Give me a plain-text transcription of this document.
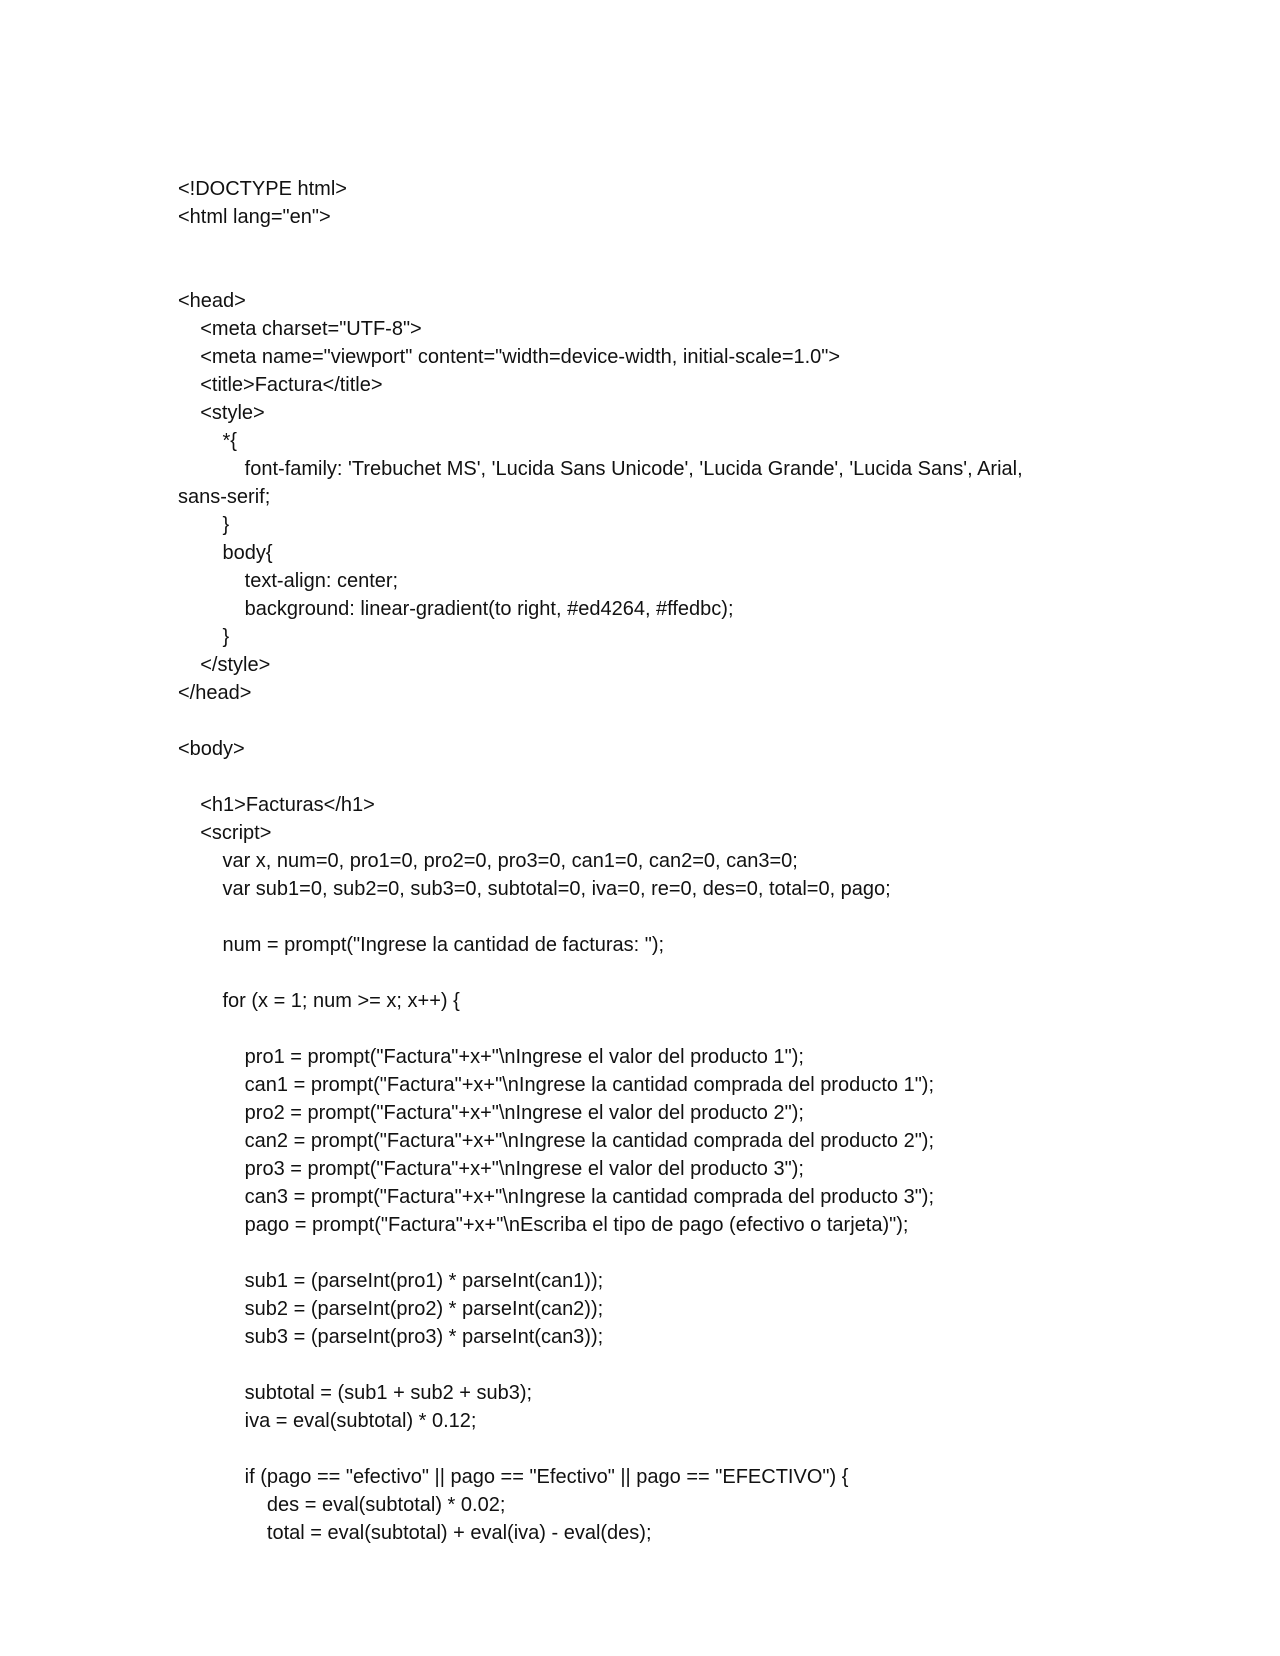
<!DOCTYPE html>
<html lang="en">
<head>
<meta charset="UTF-8">
<meta name="viewport" content="width=device-width, initial-scale=1.0">
<title>Factura</title>
<style>
*{
font-family: 'Trebuchet MS', 'Lucida Sans Unicode', 'Lucida Grande', 'Lucida Sans', Arial,
sans-serif;
}
body{
text-align: center;
background: linear-gradient(to right, #ed4264, #ffedbc);
}
</style>
</head>
<body>
<h1>Facturas</h1>
<script>
var x, num=0, pro1=0, pro2=0, pro3=0, can1=0, can2=0, can3=0;
var sub1=0, sub2=0, sub3=0, subtotal=0, iva=0, re=0, des=0, total=0, pago;
num = prompt("Ingrese la cantidad de facturas: ");
for (x = 1; num >= x; x++) {
pro1 = prompt("Factura"+x+"\nIngrese el valor del producto 1");
can1 = prompt("Factura"+x+"\nIngrese la cantidad comprada del producto 1");
pro2 = prompt("Factura"+x+"\nIngrese el valor del producto 2");
can2 = prompt("Factura"+x+"\nIngrese la cantidad comprada del producto 2");
pro3 = prompt("Factura"+x+"\nIngrese el valor del producto 3");
can3 = prompt("Factura"+x+"\nIngrese la cantidad comprada del producto 3");
pago = prompt("Factura"+x+"\nEscriba el tipo de pago (efectivo o tarjeta)");
sub1 = (parseInt(pro1) * parseInt(can1));
sub2 = (parseInt(pro2) * parseInt(can2));
sub3 = (parseInt(pro3) * parseInt(can3));
subtotal = (sub1 + sub2 + sub3);
iva = eval(subtotal) * 0.12;
if (pago == "efectivo" || pago == "Efectivo" || pago == "EFECTIVO") {
des = eval(subtotal) * 0.02;
total = eval(subtotal) + eval(iva) - eval(des);
